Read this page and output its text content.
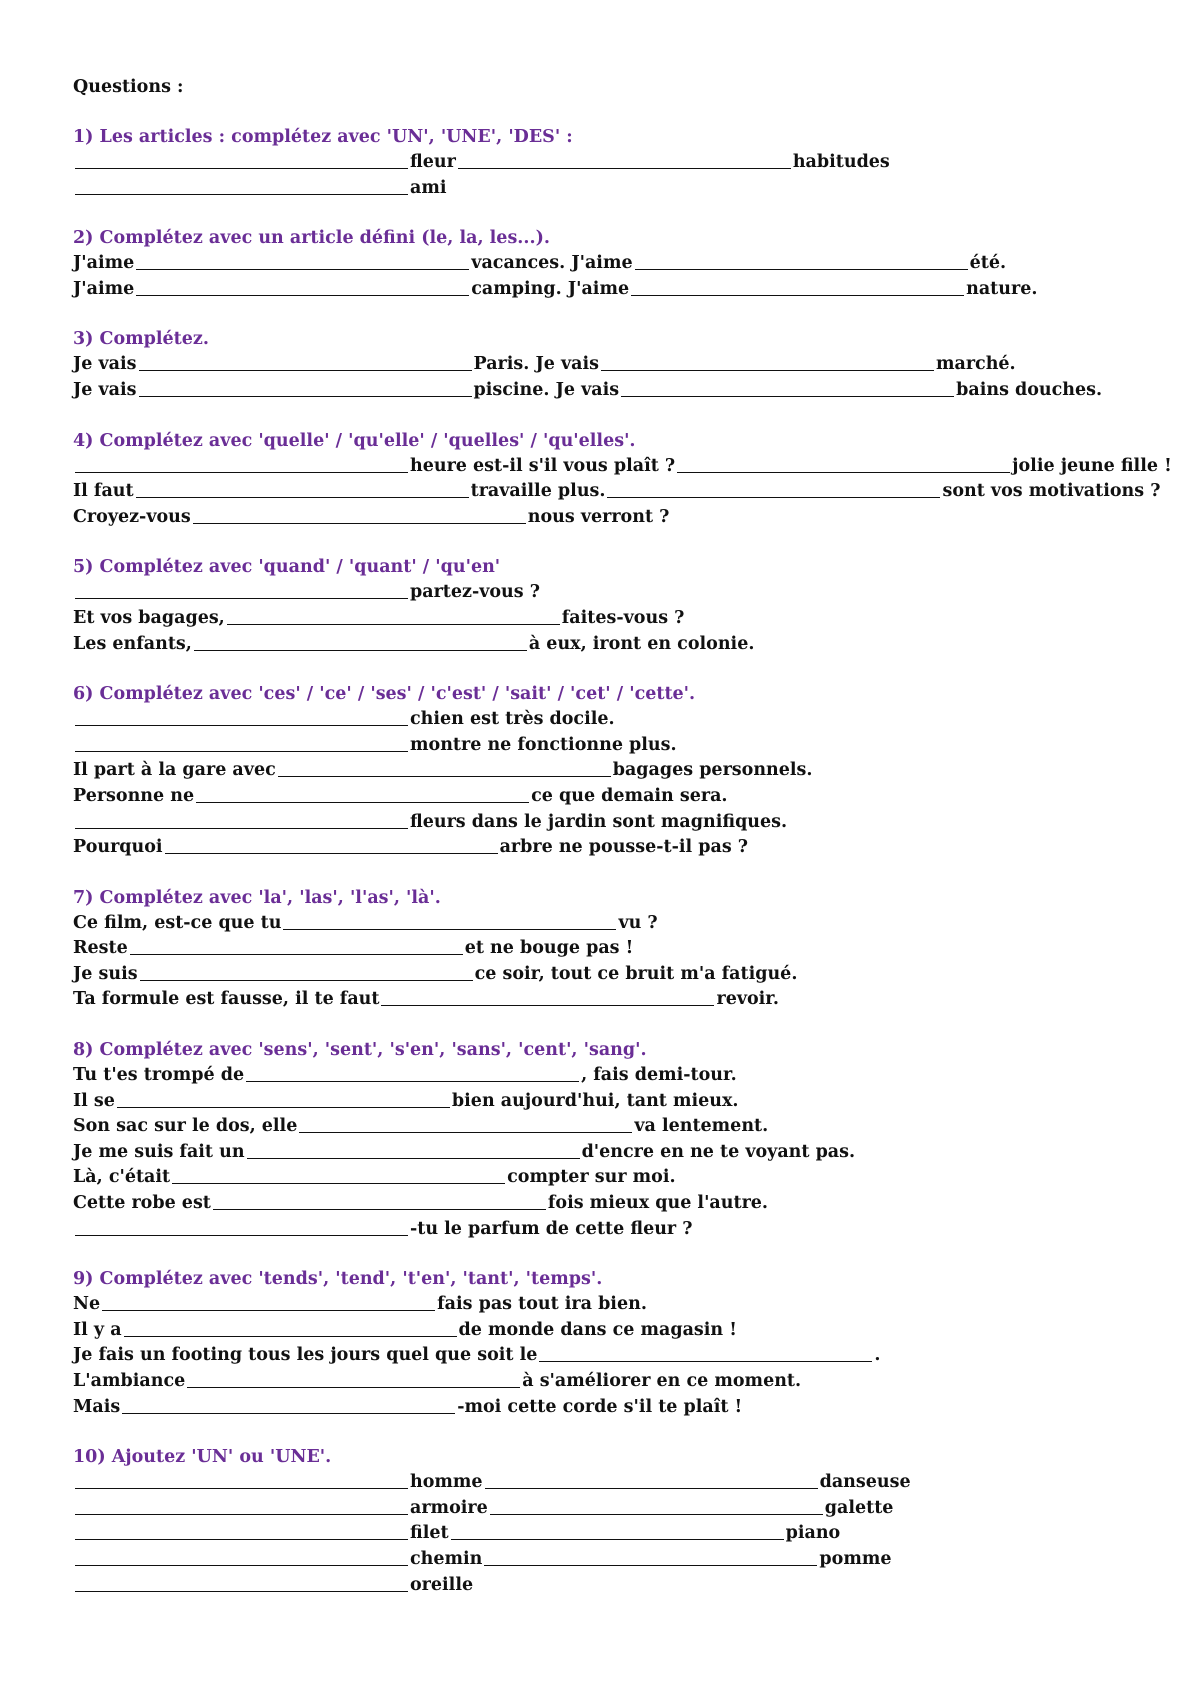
Questions :
1) Les articles : complétez avec 'UN', 'UNE', 'DES' :
fleur	habitudes
ami
2) Complétez avec un article défini (le, la, les...).
J'aime	vacances. J'aime	été.
J'aime	camping. J'aime	nature.
3) Complétez.
Je vais	Paris. Je vais	marché.
Je vais	piscine. Je vais	bains douches.
4) Complétez avec 'quelle' / 'qu'elle' / 'quelles' / 'qu'elles'.
heure est-il s'il vous plaît ?	jolie jeune fille !
Il faut	travaille plus.	sont vos motivations ?
Croyez-vous	nous verront ?
5) Complétez avec 'quand' / 'quant' / 'qu'en'
partez-vous ?
Et vos bagages,	faites-vous ?
Les enfants,	à eux, iront en colonie.
6) Complétez avec 'ces' / 'ce' / 'ses' / 'c'est' / 'sait' / 'cet' / 'cette'.
chien est très docile.
montre ne fonctionne plus.
Il part à la gare avec	bagages personnels.
Personne ne	ce que demain sera.
fleurs dans le jardin sont magnifiques.
Pourquoi	arbre ne pousse-t-il pas ?
7) Complétez avec 'la', 'las', 'l'as', 'là'.
Ce film, est-ce que tu	vu ?
Reste	et ne bouge pas !
Je suis	ce soir, tout ce bruit m'a fatigué.
Ta formule est fausse, il te faut	revoir.
8) Complétez avec 'sens', 'sent', 's'en', 'sans', 'cent', 'sang'.
Tu t'es trompé de	, fais demi-tour.
Il se	bien aujourd'hui, tant mieux.
Son sac sur le dos, elle	va lentement.
Je me suis fait un	d'encre en ne te voyant pas.
Là, c'était	compter sur moi.
Cette robe est	fois mieux que l'autre.
-tu le parfum de cette fleur ?
9) Complétez avec 'tends', 'tend', 't'en', 'tant', 'temps'.
Ne	fais pas tout ira bien.
Il y a	de monde dans ce magasin !
Je fais un footing tous les jours quel que soit le	.
L'ambiance	à s'améliorer en ce moment.
Mais	-moi cette corde s'il te plaît !
10) Ajoutez 'UN' ou 'UNE'.
homme	danseuse
armoire	galette
filet	piano
chemin	pomme
oreille
